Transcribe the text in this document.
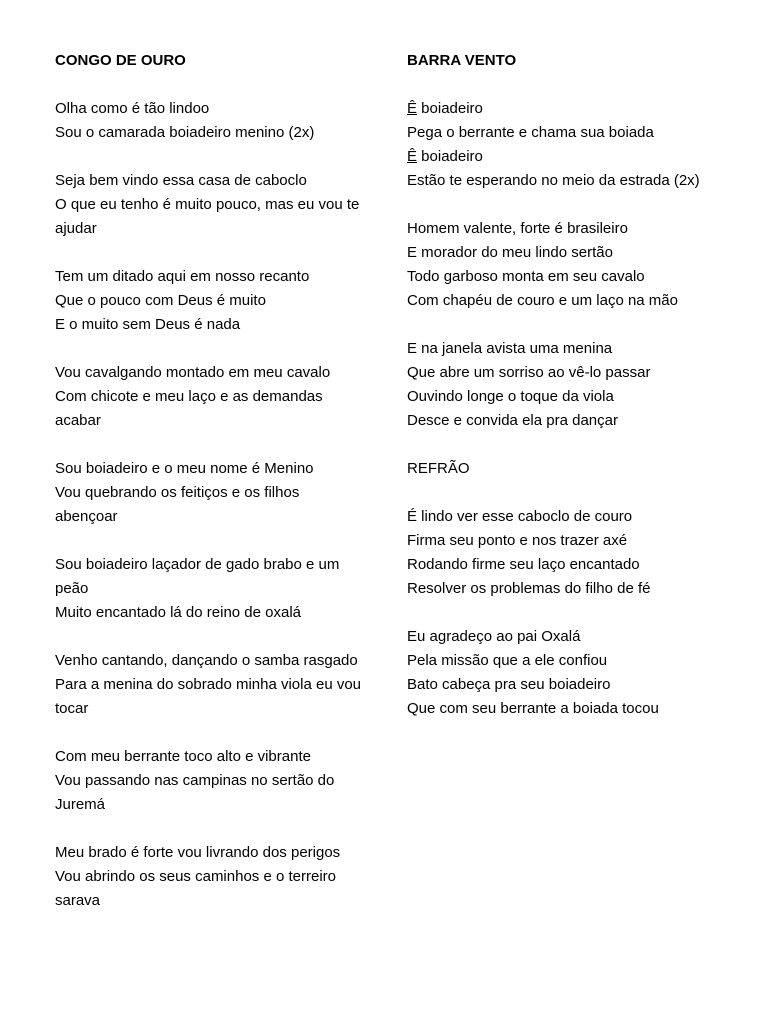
CONGO DE OURO
Olha como é tão lindoo
Sou o camarada boiadeiro menino (2x)
Seja bem vindo essa casa de caboclo
O que eu tenho é muito pouco, mas eu vou te ajudar
Tem um ditado aqui em nosso recanto
Que o pouco com Deus é muito
E o muito sem Deus é nada
Vou cavalgando montado em meu cavalo
Com chicote e meu laço e as demandas acabar
Sou boiadeiro e o meu nome é Menino
Vou quebrando os feitiços e os filhos abençoar
Sou boiadeiro laçador de gado brabo e um peão
Muito encantado lá do reino de oxalá
Venho cantando, dançando o samba rasgado
Para a menina do sobrado minha viola eu vou tocar
Com meu berrante toco alto e vibrante
Vou passando nas campinas no sertão do Juremá
Meu brado é forte vou livrando dos perigos
Vou abrindo os seus caminhos e o terreiro sarava
BARRA VENTO
Ê boiadeiro
Pega o berrante e chama sua boiada
Ê boiadeiro
Estão te esperando no meio da estrada (2x)
Homem valente, forte é brasileiro
E morador do meu lindo sertão
Todo garboso monta em seu cavalo
Com chapéu de couro e um laço na mão
E na janela avista uma menina
Que abre um sorriso ao vê-lo passar
Ouvindo longe o toque da viola
Desce e convida ela pra dançar
REFRÃO
É lindo ver esse caboclo de couro
Firma seu ponto e nos trazer axé
Rodando firme seu laço encantado
Resolver os problemas do filho de fé
Eu agradeço ao pai Oxalá
Pela missão que a ele confiou
Bato cabeça pra seu boiadeiro
Que com seu berrante a boiada tocou
